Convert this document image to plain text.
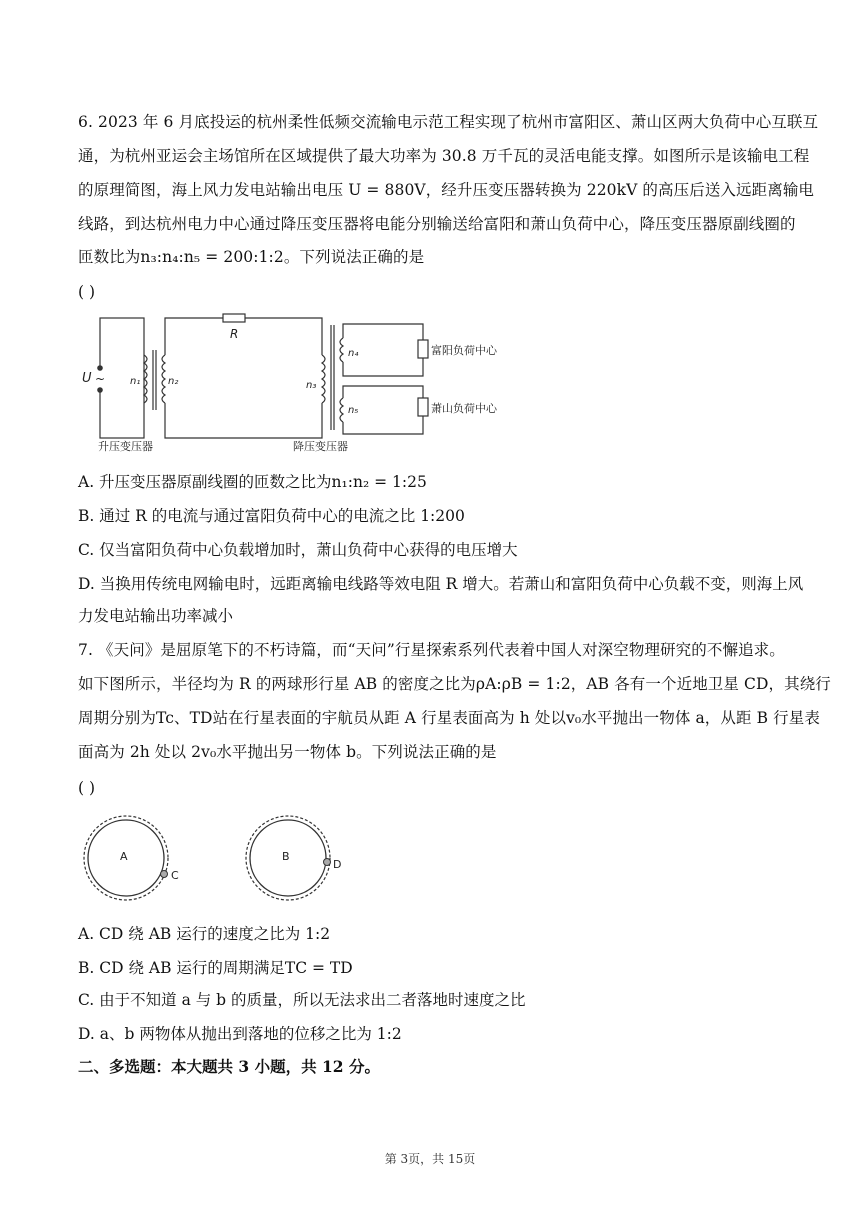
6. 2023 年 6 月底投运的杭州柔性低频交流输电示范工程实现了杭州市富阳区、萧山区两大负荷中心互联互
通，为杭州亚运会主场馆所在区域提供了最大功率为 30.8 万千瓦的灵活电能支撑。如图所示是该输电工程
的原理简图，海上风力发电站输出电压 U = 880V，经升压变压器转换为 220kV 的高压后送入远距离输电
线路，到达杭州电力中心通过降压变压器将电能分别输送给富阳和萧山负荷中心，降压变压器原副线圈的
匝数比为n₃:n₄:n₅ = 200:1:2。下列说法正确的是
( )
U ~ n₁	n₂
R
n₃
n₄	富阳负荷中心
n₅	萧山负荷中心
升压变压器	降压变压器
A. 升压变压器原副线圈的匝数之比为n₁:n₂ = 1:25
B. 通过 R 的电流与通过富阳负荷中心的电流之比 1:200
C. 仅当富阳负荷中心负载增加时，萧山负荷中心获得的电压增大
D. 当换用传统电网输电时，远距离输电线路等效电阻 R 增大。若萧山和富阳负荷中心负载不变，则海上风
力发电站输出功率减小
7. 《天问》是屈原笔下的不朽诗篇，而“天问”行星探索系列代表着中国人对深空物理研究的不懈追求。
如下图所示，半径均为 R 的两球形行星 AB 的密度之比为ρA:ρB = 1:2，AB 各有一个近地卫星 CD，其绕行
周期分别为Tc、TD站在行星表面的宇航员从距 A 行星表面高为 h 处以v₀水平抛出一物体 a，从距 B 行星表
面高为 2h 处以 2v₀水平抛出另一物体 b。下列说法正确的是
( )
A
C
B
D
A. CD 绕 AB 运行的速度之比为 1:2
B. CD 绕 AB 运行的周期满足TC = TD
C. 由于不知道 a 与 b 的质量，所以无法求出二者落地时速度之比
D. a、b 两物体从抛出到落地的位移之比为 1:2
二、多选题：本大题共 3 小题，共 12 分。
第 3页，共 15页
